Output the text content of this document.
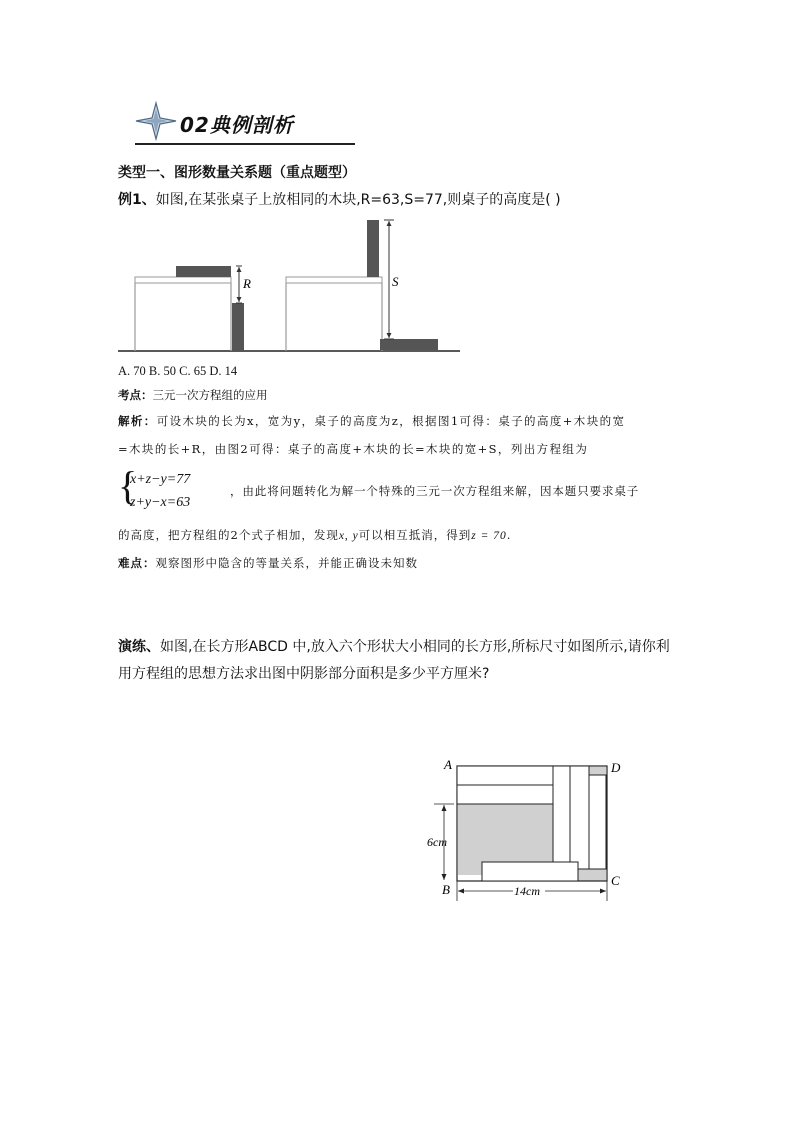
02典例剖析
类型一、图形数量关系题（重点题型）
例1、如图,在某张桌子上放相同的木块,R=63,S=77,则桌子的高度是( )
R	S
A. 70 B. 50 C. 65 D. 14
考点：三元一次方程组的应用
解析：可设木块的长为x，宽为y，桌子的高度为z，根据图1可得：桌子的高度+木块的宽
=木块的长+R，由图2可得：桌子的高度+木块的长=木块的宽+S，列出方程组为
{
x+z−y=77
z+y−x=63
，由此将问题转化为解一个特殊的三元一次方程组来解，因本题只要求桌子
的高度，把方程组的2个式子相加，发现x, y可以相互抵消，得到z = 70.
难点：观察图形中隐含的等量关系，并能正确设未知数
演练、如图,在长方形ABCD 中,放入六个形状大小相同的长方形,所标尺寸如图所示,请你利用方程组的思想方法求出图中阴影部分面积是多少平方厘米?
6cm
14cm
A	D
B
C
